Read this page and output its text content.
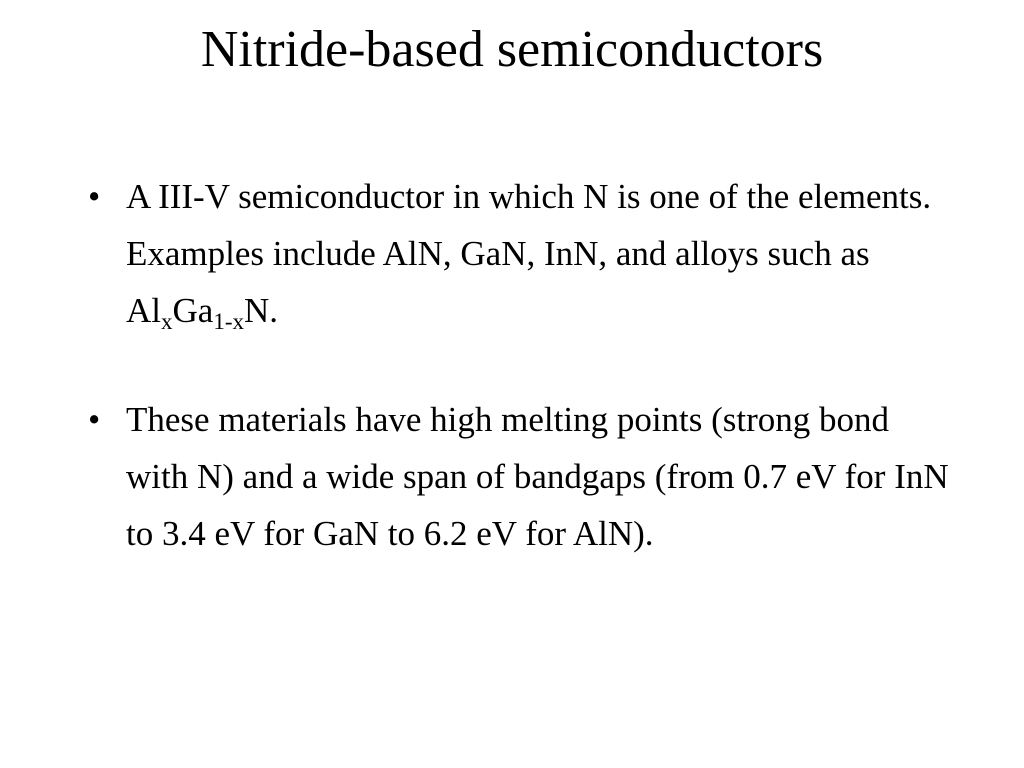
Nitride-based semiconductors
• A III-V semiconductor in which N is one of the elements. Examples include AlN, GaN, InN, and alloys such as $Al_xGa_{1-x}N$.
• These materials have high melting points (strong bond with N) and a wide span of bandgaps (from 0.7 eV for InN to 3.4 eV for GaN to 6.2 eV for AlN).
